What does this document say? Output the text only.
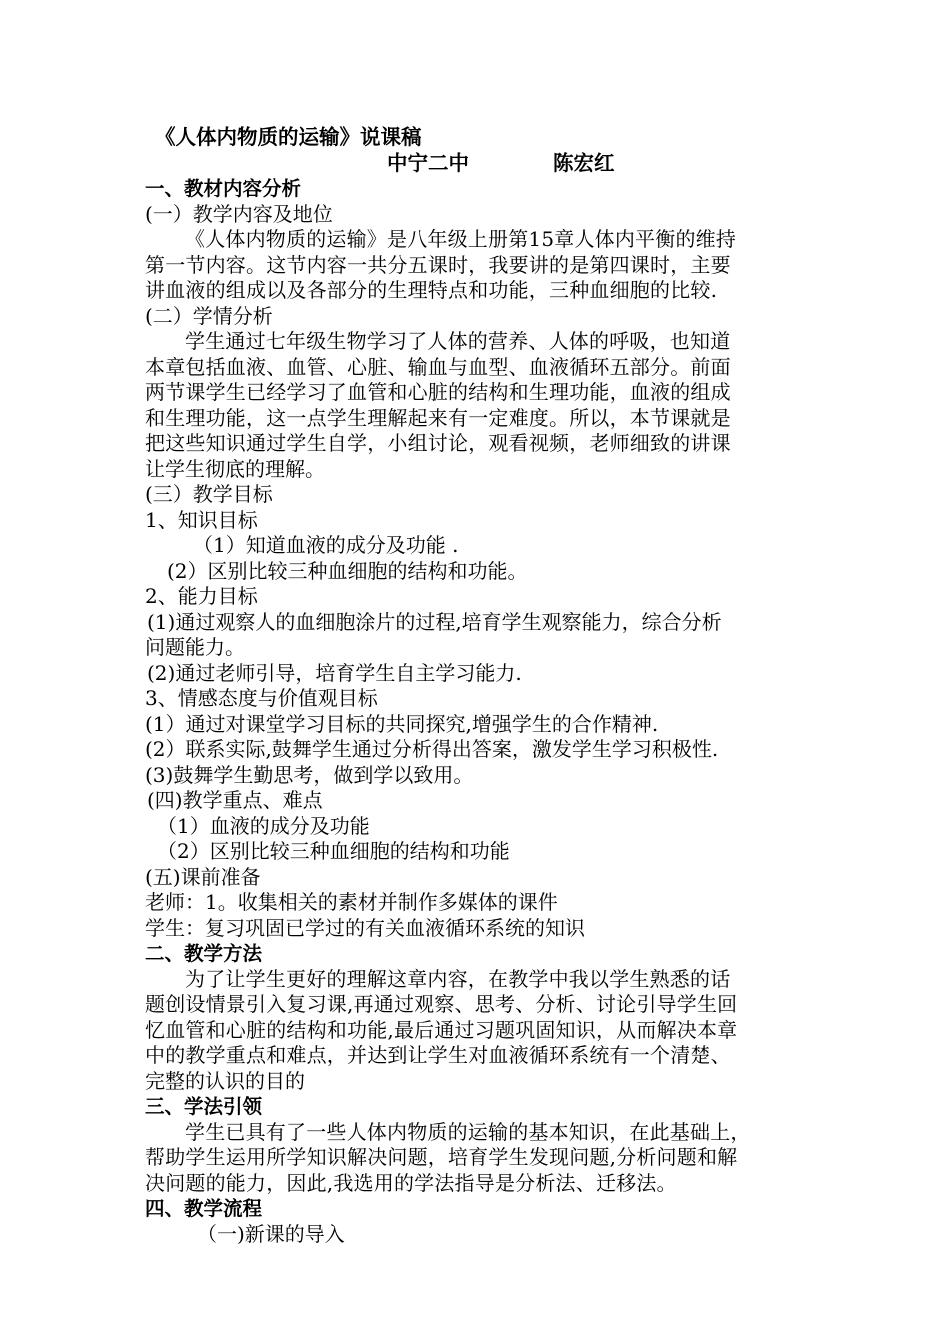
《人体内物质的运输》说课稿
中宁二中	陈宏红
一、教材内容分析
(一）教学内容及地位
《人体内物质的运输》是八年级上册第15章人体内平衡的维持
第一节内容。这节内容一共分五课时，我要讲的是第四课时，主要
讲血液的组成以及各部分的生理特点和功能，三种血细胞的比较.
(二）学情分析
学生通过七年级生物学习了人体的营养、人体的呼吸，也知道
本章包括血液、血管、心脏、输血与血型、血液循环五部分。前面
两节课学生已经学习了血管和心脏的结构和生理功能，血液的组成
和生理功能，这一点学生理解起来有一定难度。所以，本节课就是
把这些知识通过学生自学，小组讨论，观看视频，老师细致的讲课
让学生彻底的理解。
(三）教学目标
1、知识目标
（1）知道血液的成分及功能 .
(2）区别比较三种血细胞的结构和功能。
2、能力目标
(1)通过观察人的血细胞涂片的过程,培育学生观察能力，综合分析
问题能力。
(2)通过老师引导，培育学生自主学习能力.
3、情感态度与价值观目标
(1）通过对课堂学习目标的共同探究,增强学生的合作精神.
(2）联系实际,鼓舞学生通过分析得出答案，激发学生学习积极性.
(3)鼓舞学生勤思考，做到学以致用。
(四)教学重点、难点
（1）血液的成分及功能
（2）区别比较三种血细胞的结构和功能
(五)课前准备
老师：1。收集相关的素材并制作多媒体的课件
学生：复习巩固已学过的有关血液循环系统的知识
二、教学方法
为了让学生更好的理解这章内容，在教学中我以学生熟悉的话
题创设情景引入复习课,再通过观察、思考、分析、讨论引导学生回
忆血管和心脏的结构和功能,最后通过习题巩固知识，从而解决本章
中的教学重点和难点，并达到让学生对血液循环系统有一个清楚、
完整的认识的目的
三、学法引领
学生已具有了一些人体内物质的运输的基本知识，在此基础上，
帮助学生运用所学知识解决问题，培育学生发现问题,分析问题和解
决问题的能力，因此,我选用的学法指导是分析法、迁移法。
四、教学流程
（一)新课的导入
